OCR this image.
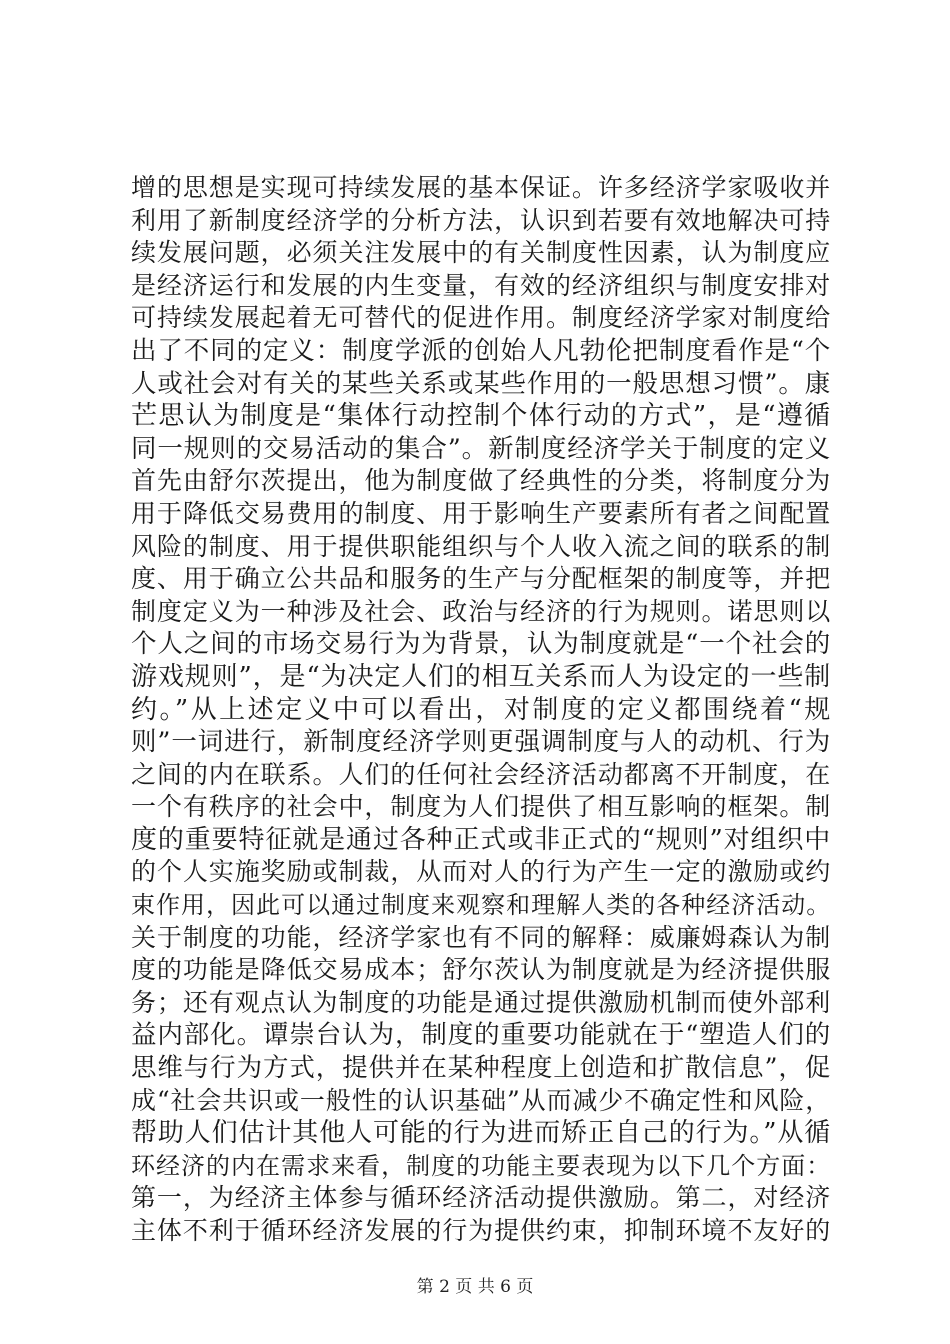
增的思想是实现可持续发展的基本保证。许多经济学家吸收并
利用了新制度经济学的分析方法，认识到若要有效地解决可持
续发展问题，必须关注发展中的有关制度性因素，认为制度应
是经济运行和发展的内生变量，有效的经济组织与制度安排对
可持续发展起着无可替代的促进作用。制度经济学家对制度给
出了不同的定义：制度学派的创始人凡勃伦把制度看作是“个
人或社会对有关的某些关系或某些作用的一般思想习惯”。康
芒思认为制度是“集体行动控制个体行动的方式”，是“遵循
同一规则的交易活动的集合”。新制度经济学关于制度的定义
首先由舒尔茨提出，他为制度做了经典性的分类，将制度分为
用于降低交易费用的制度、用于影响生产要素所有者之间配置
风险的制度、用于提供职能组织与个人收入流之间的联系的制
度、用于确立公共品和服务的生产与分配框架的制度等，并把
制度定义为一种涉及社会、政治与经济的行为规则。诺思则以
个人之间的市场交易行为为背景，认为制度就是“一个社会的
游戏规则”，是“为决定人们的相互关系而人为设定的一些制
约。”从上述定义中可以看出，对制度的定义都围绕着“规
则”一词进行，新制度经济学则更强调制度与人的动机、行为
之间的内在联系。人们的任何社会经济活动都离不开制度，在
一个有秩序的社会中，制度为人们提供了相互影响的框架。制
度的重要特征就是通过各种正式或非正式的“规则”对组织中
的个人实施奖励或制裁，从而对人的行为产生一定的激励或约
束作用，因此可以通过制度来观察和理解人类的各种经济活动。
关于制度的功能，经济学家也有不同的解释：威廉姆森认为制
度的功能是降低交易成本；舒尔茨认为制度就是为经济提供服
务；还有观点认为制度的功能是通过提供激励机制而使外部利
益内部化。谭崇台认为，制度的重要功能就在于“塑造人们的
思维与行为方式，提供并在某种程度上创造和扩散信息”，促
成“社会共识或一般性的认识基础”从而减少不确定性和风险，
帮助人们估计其他人可能的行为进而矫正自己的行为。”从循
环经济的内在需求来看，制度的功能主要表现为以下几个方面：
第一，为经济主体参与循环经济活动提供激励。第二，对经济
主体不利于循环经济发展的行为提供约束，抑制环境不友好的
第 2 页 共 6 页
